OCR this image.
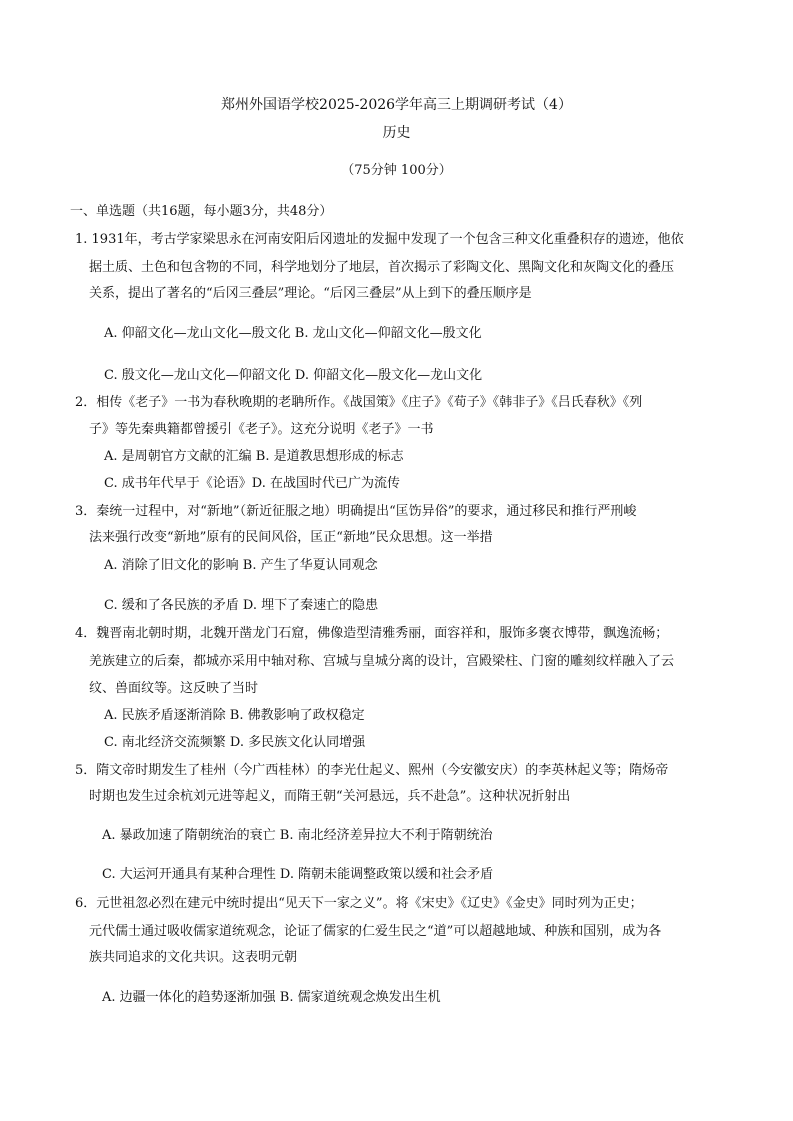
郑州外国语学校2025-2026学年高三上期调研考试（4）
历史
（75分钟 100分）
一、单选题（共16题，每小题3分，共48分）
1. 1931年，考古学家梁思永在河南安阳后冈遗址的发掘中发现了一个包含三种文化重叠积存的遗迹，他依
据土质、土色和包含物的不同，科学地划分了地层，首次揭示了彩陶文化、黑陶文化和灰陶文化的叠压
关系，提出了著名的“后冈三叠层”理论。“后冈三叠层”从上到下的叠压顺序是
A. 仰韶文化—龙山文化—殷文化 B. 龙山文化—仰韶文化—殷文化
C. 殷文化—龙山文化—仰韶文化 D. 仰韶文化—殷文化—龙山文化
2．相传《老子》一书为春秋晚期的老聃所作。《战国策》《庄子》《荀子》《韩非子》《吕氏春秋》《列
子》等先秦典籍都曾援引《老子》。这充分说明《老子》一书
A. 是周朝官方文献的汇编 B. 是道教思想形成的标志
C. 成书年代早于《论语》D. 在战国时代已广为流传
3．秦统一过程中，对“新地”（新近征服之地）明确提出“匡饬异俗”的要求，通过移民和推行严刑峻
法来强行改变“新地”原有的民间风俗，匡正“新地”民众思想。这一举措
A. 消除了旧文化的影响 B. 产生了华夏认同观念
C. 缓和了各民族的矛盾 D. 埋下了秦速亡的隐患
4．魏晋南北朝时期，北魏开凿龙门石窟，佛像造型清雅秀丽，面容祥和，服饰多褒衣博带，飘逸流畅；
羌族建立的后秦，都城亦采用中轴对称、宫城与皇城分离的设计，宫殿梁柱、门窗的雕刻纹样融入了云
纹、兽面纹等。这反映了当时
A. 民族矛盾逐渐消除 B. 佛教影响了政权稳定
C. 南北经济交流频繁 D. 多民族文化认同增强
5．隋文帝时期发生了桂州（今广西桂林）的李光仕起义、熙州（今安徽安庆）的李英林起义等；隋炀帝
时期也发生过余杭刘元进等起义，而隋王朝“关河悬远，兵不赴急”。这种状况折射出
A. 暴政加速了隋朝统治的衰亡 B. 南北经济差异拉大不利于隋朝统治
C. 大运河开通具有某种合理性 D. 隋朝未能调整政策以缓和社会矛盾
6．元世祖忽必烈在建元中统时提出“见天下一家之义”。将《宋史》《辽史》《金史》同时列为正史；
元代儒士通过吸收儒家道统观念，论证了儒家的仁爱生民之“道”可以超越地域、种族和国别，成为各
族共同追求的文化共识。这表明元朝
A. 边疆一体化的趋势逐渐加强 B. 儒家道统观念焕发出生机
